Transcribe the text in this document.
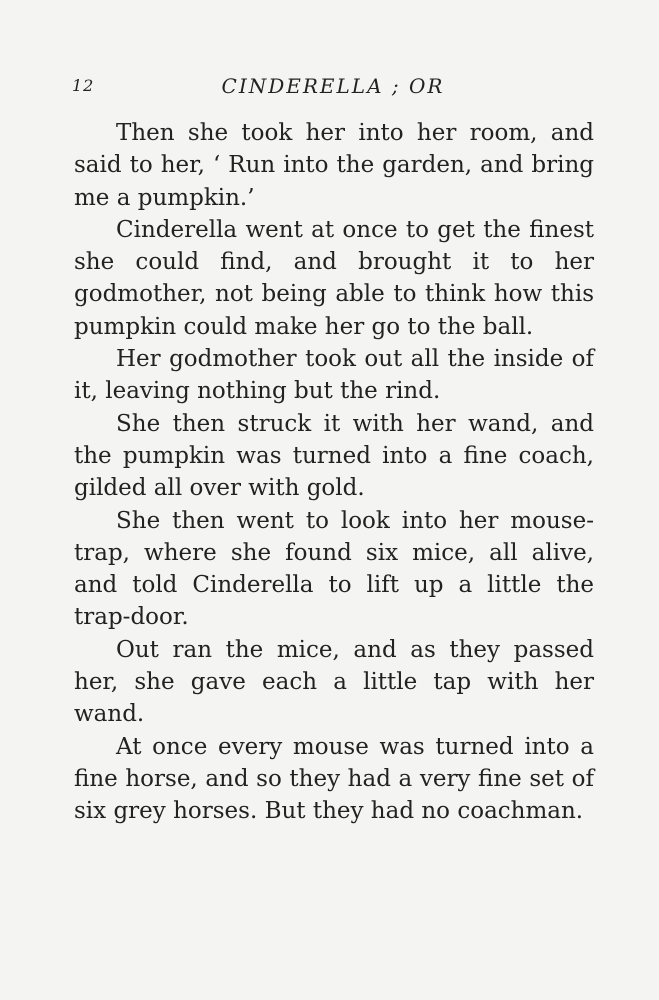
12	CINDERELLA ; OR

Then she took her into her room, and said to her, ‘ Run into the garden, and bring me a pumpkin.’

Cinderella went at once to get the finest she could find, and brought it to her godmother, not being able to think how this pumpkin could make her go to the ball.

Her godmother took out all the inside of it, leaving nothing but the rind.

She then struck it with her wand, and the pumpkin was turned into a fine coach, gilded all over with gold.

She then went to look into her mouse-trap, where she found six mice, all alive, and told Cinderella to lift up a little the trap-door.

Out ran the mice, and as they passed her, she gave each a little tap with her wand.

At once every mouse was turned into a fine horse, and so they had a very fine set of six grey horses. But they had no coachman.
